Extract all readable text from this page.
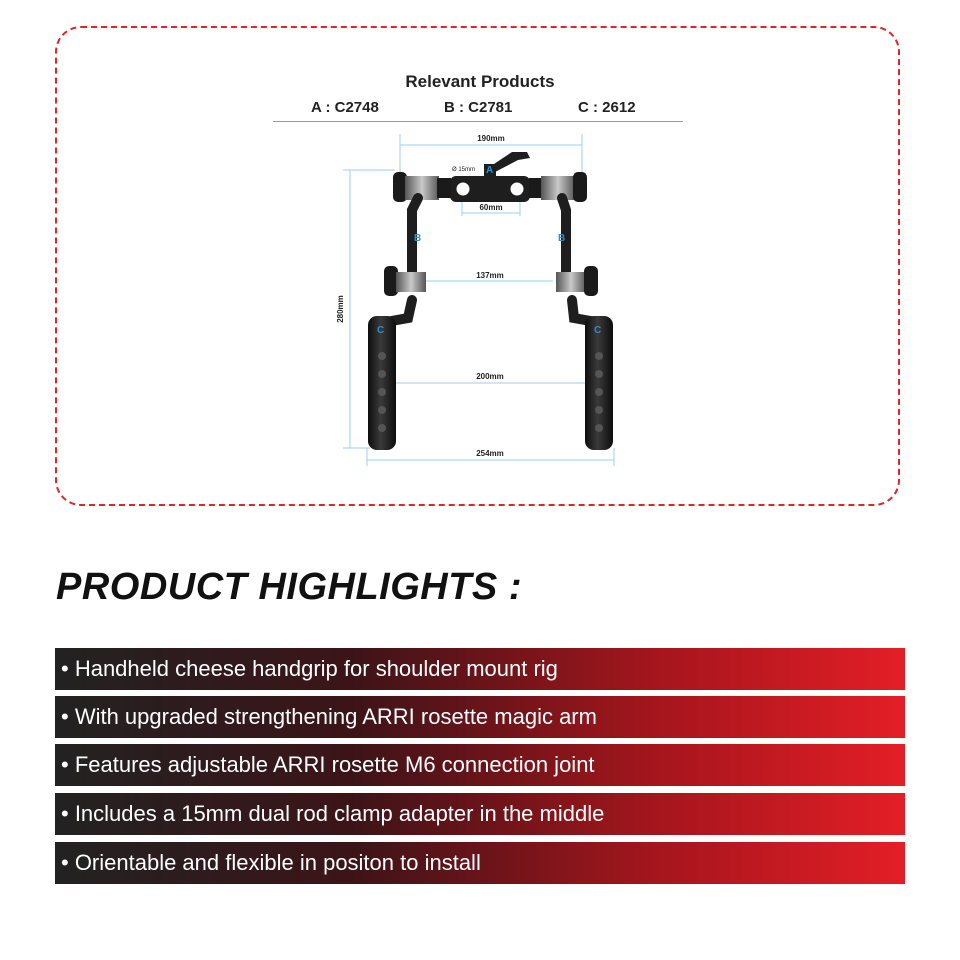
Relevant Products
A : C2748	B : C2781	C : 2612
190mm
Ø 15mm
60mm
137mm
280mm
200mm
254mm
A
B	B
C	C
PRODUCT HIGHLIGHTS :
• Handheld cheese handgrip for shoulder mount rig
• With upgraded strengthening ARRI rosette magic arm
• Features adjustable ARRI rosette M6 connection joint
• Includes a 15mm dual rod clamp adapter in the middle
• Orientable and flexible in positon to install
